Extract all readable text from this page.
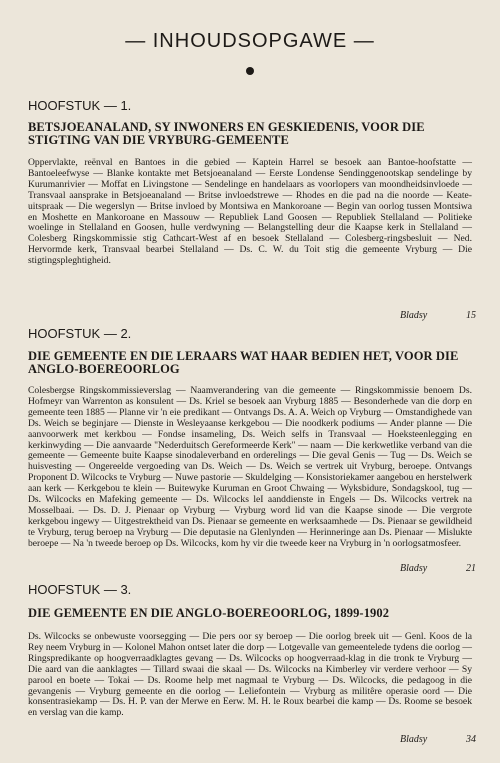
— INHOUDSOPGAWE —
HOOFSTUK — 1.
BETSJOEANALAND, SY INWONERS EN GESKIEDENIS, VOOR DIE STIGTING VAN DIE VRYBURG-GEMEENTE
Oppervlakte, reënval en Bantoes in die gebied — Kaptein Harrel se besoek aan Bantoe-hoofstatte — Bantoeleefwyse — Blanke kontakte met Betsjoeanaland — Eerste Londense Sendinggenootskap sendelinge by Kurumanrivier — Moffat en Livingstone — Sendelinge en handelaars as voorlopers van moondheidsinvloede — Transvaal aansprake in Betsjoeanaland — Britse invloedstrewe — Rhodes en die pad na die noorde — Keate-uitspraak — Die wegerslyn — Britse invloed by Montsiwa en Mankoroane — Begin van oorlog tussen Montsiwa en Moshette en Mankoroane en Massouw — Republiek Land Goosen — Republiek Stellaland — Politieke woelinge in Stellaland en Goosen, hulle verdwyning — Belangstelling deur die Kaapse kerk in Stellaland — Colesberg Ringskommissie stig Cathcart-West af en besoek Stellaland — Colesberg-ringsbesluit — Ned. Hervormde kerk, Transvaal bearbei Stellaland — Ds. C. W. du Toit stig die gemeente Vryburg — Die stigtingspleghtigheid.
Bladsy	15
HOOFSTUK — 2.
DIE GEMEENTE EN DIE LERAARS WAT HAAR BEDIEN HET, VOOR DIE ANGLO-BOEREOORLOG
Colesbergse Ringskommissieverslag — Naamverandering van die gemeente — Ringskommissie benoem Ds. Hofmeyr van Warrenton as konsulent — Ds. Kriel se besoek aan Vryburg 1885 — Besonderhede van die dorp en gemeente teen 1885 — Planne vir 'n eie predikant — Ontvangs Ds. A. A. Weich op Vryburg — Omstandighede van Ds. Weich se beginjare — Dienste in Wesleyaanse kerkgebou — Die noodkerk podiums — Ander planne — Die aanvoorwerk met kerkbou — Fondse insameling, Ds. Weich selfs in Transvaal — Hoeksteenlegging en kerkinwyding — Die aanvaarde "Nederduitsch Gereformeerde Kerk" — naam — Die kerkwetlike verband van die gemeente — Gemeente buite Kaapse sinodaleverband en orderelings — Die geval Genis — Tug — Ds. Weich se huisvesting — Ongereelde vergoeding van Ds. Weich — Ds. Weich se vertrek uit Vryburg, beroepe. Ontvangs Proponent D. Wilcocks te Vryburg — Nuwe pastorie — Skuldelging — Konsistoriekamer aangebou en herstelwerk aan kerk — Kerkgebou te klein — Buitewyke Kuruman en Groot Chwaing — Wyksbidure, Sondagskool, tug — Ds. Wilcocks en Mafeking gemeente — Ds. Wilcocks leI aanddienste in Engels — Ds. Wilcocks vertrek na Mosselbaai. — Ds. D. J. Pienaar op Vryburg — Vryburg word lid van die Kaapse sinode — Die vergrote kerkgebou ingewy — Uitgestrektheid van Ds. Pienaar se gemeente en werksaamhede — Ds. Pienaar se gewildheid te Vryburg, terug beroep na Vryburg — Die deputasie na Glenlynden — Herinneringe aan Ds. Pienaar — Mislukte beroepe — Na 'n tweede beroep op Ds. Wilcocks, kom hy vir die tweede keer na Vryburg in 'n oorlogsatmosfeer.
Bladsy	21
HOOFSTUK — 3.
DIE GEMEENTE EN DIE ANGLO-BOEREOORLOG, 1899-1902
Ds. Wilcocks se onbewuste voorsegging — Die pers oor sy beroep — Die oorlog breek uit — Genl. Koos de la Rey neem Vryburg in — Kolonel Mahon ontset later die dorp — Lotgevalle van gemeentelede tydens die oorlog — Ringspredikante op hoogverraadklagtes gevang — Ds. Wilcocks op hoogverraad-klag in die tronk te Vryburg — Die aard van die aanklagtes — Tillard swaai die skaal — Ds. Wilcocks na Kimberley vir verdere verhoor — Sy parool en boete — Tokai — Ds. Roome help met nagmaal te Vryburg — Ds. Wilcocks, die pedagoog in die gevangenis — Vryburg gemeente en die oorlog — Leliefontein — Vryburg as militêre operasie oord — Die konsentrasiekamp — Ds. H. P. van der Merwe en Eerw. M. H. le Roux bearbei die kamp — Ds. Roome se besoek en verslag van die kamp.
Bladsy	34
